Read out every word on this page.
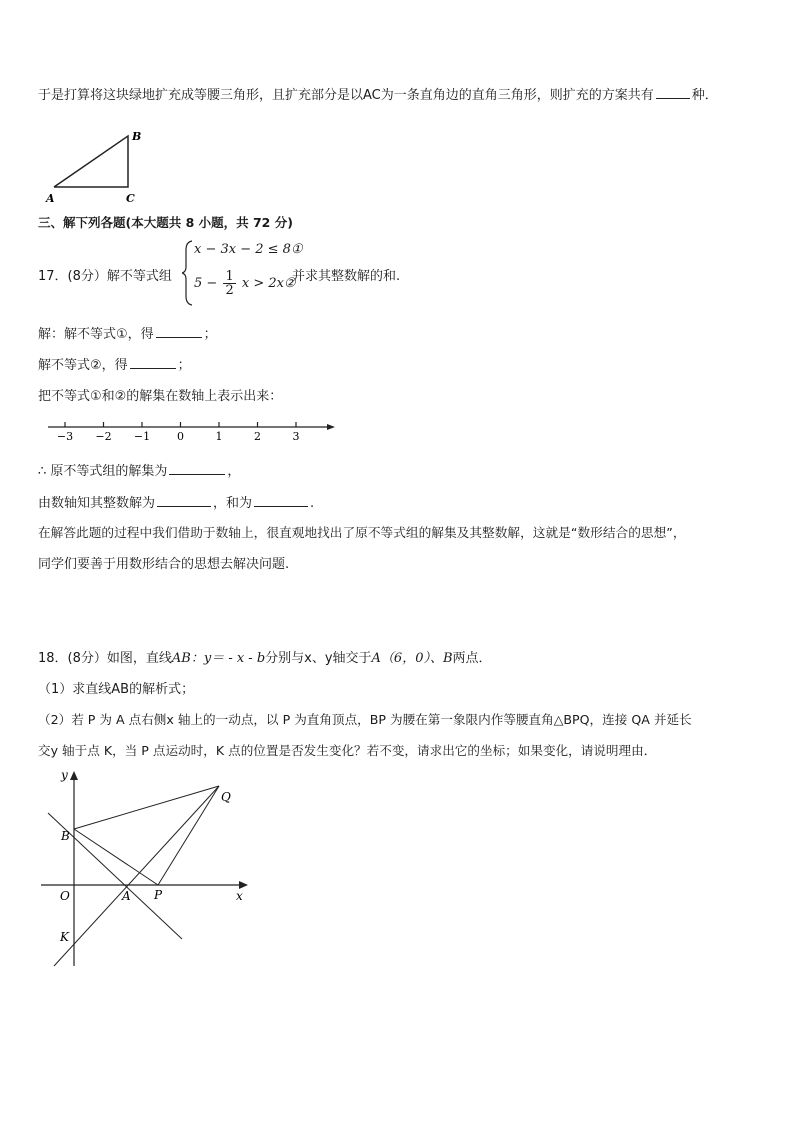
于是打算将这块绿地扩充成等腰三角形，且扩充部分是以AC为一条直角边的直角三角形，则扩充的方案共有	种．
B
A	C
三、解下列各题(本大题共 8 小题，共 72 分)
17．(8分）解不等式组
x − 3x − 2 ≤ 8①
$5 - \frac{1}{2}$ x > 2x②
并求其整数解的和.
解：解不等式①，得	；
解不等式②，得	；
把不等式①和②的解集在数轴上表示出来：
−3 −2 −1 0	1	2	3
∴ 原不等式组的解集为	，
由数轴知其整数解为	，和为	.
在解答此题的过程中我们借助于数轴上，很直观地找出了原不等式组的解集及其整数解，这就是“数形结合的思想”，
同学们要善于用数形结合的思想去解决问题.
18．(8分）如图，直线AB：y＝ - x - b分别与x、y轴交于A（6，0）、B两点．
（1）求直线AB的解析式；
（2）若 P 为 A 点右侧x 轴上的一动点，以 P 为直角顶点，BP 为腰在第一象限内作等腰直角△BPQ，连接 QA 并延长
交y 轴于点 K，当 P 点运动时，K 点的位置是否发生变化？若不变，请求出它的坐标；如果变化，请说明理由．
y
x
O	A
B
P
Q
K
